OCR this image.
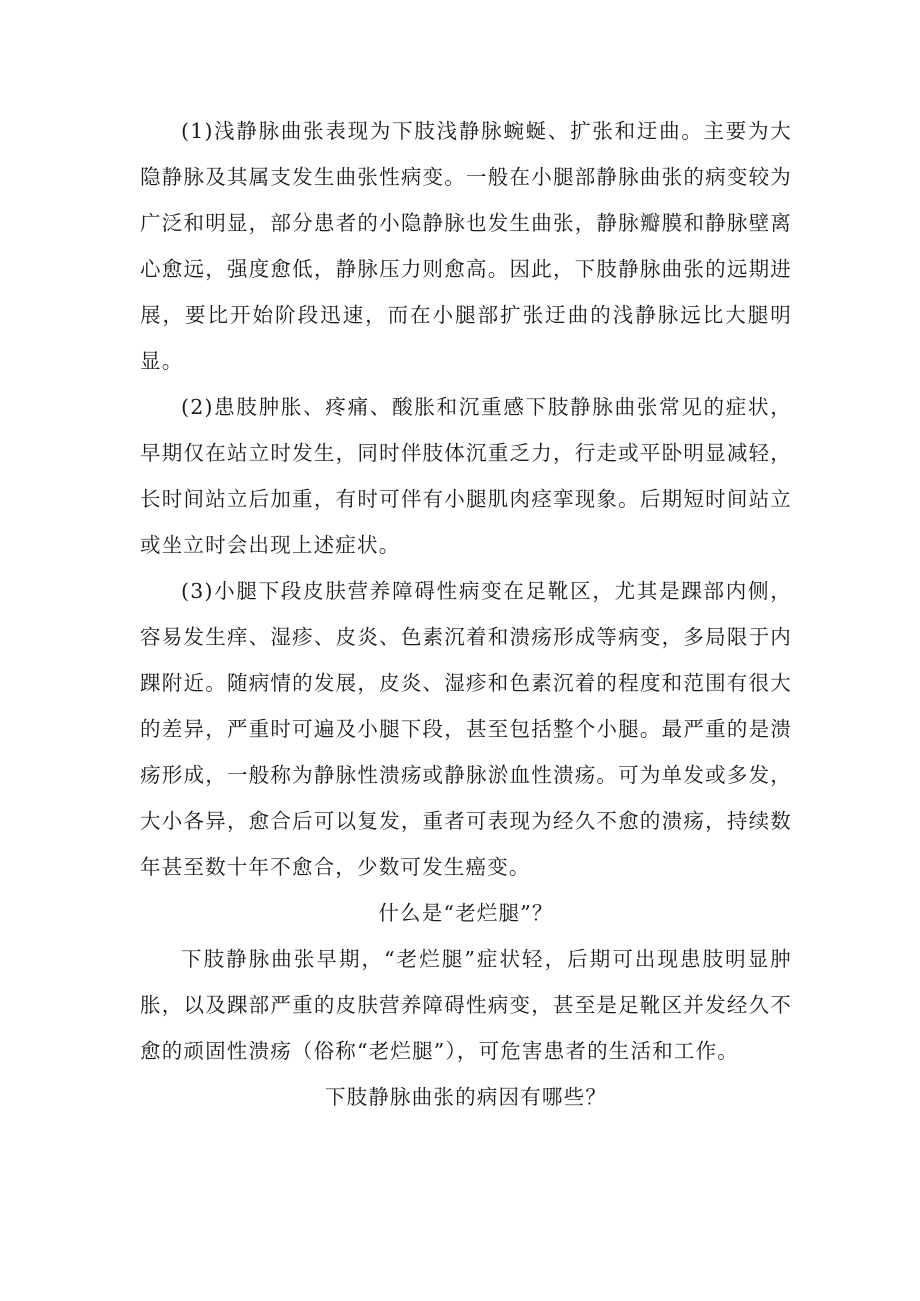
(1)浅静脉曲张表现为下肢浅静脉蜿蜒、扩张和迂曲。主要为大隐静脉及其属支发生曲张性病变。一般在小腿部静脉曲张的病变较为广泛和明显，部分患者的小隐静脉也发生曲张，静脉瓣膜和静脉壁离心愈远，强度愈低，静脉压力则愈高。因此，下肢静脉曲张的远期进展，要比开始阶段迅速，而在小腿部扩张迂曲的浅静脉远比大腿明显。

(2)患肢肿胀、疼痛、酸胀和沉重感下肢静脉曲张常见的症状，早期仅在站立时发生，同时伴肢体沉重乏力，行走或平卧明显减轻，长时间站立后加重，有时可伴有小腿肌肉痉挛现象。后期短时间站立或坐立时会出现上述症状。

(3)小腿下段皮肤营养障碍性病变在足靴区，尤其是踝部内侧，容易发生痒、湿疹、皮炎、色素沉着和溃疡形成等病变，多局限于内踝附近。随病情的发展，皮炎、湿疹和色素沉着的程度和范围有很大的差异，严重时可遍及小腿下段，甚至包括整个小腿。最严重的是溃疡形成，一般称为静脉性溃疡或静脉淤血性溃疡。可为单发或多发，大小各异，愈合后可以复发，重者可表现为经久不愈的溃疡，持续数年甚至数十年不愈合，少数可发生癌变。

什么是“老烂腿”？

下肢静脉曲张早期，“老烂腿”症状轻，后期可出现患肢明显肿胀，以及踝部严重的皮肤营养障碍性病变，甚至是足靴区并发经久不愈的顽固性溃疡（俗称“老烂腿”），可危害患者的生活和工作。

下肢静脉曲张的病因有哪些？
